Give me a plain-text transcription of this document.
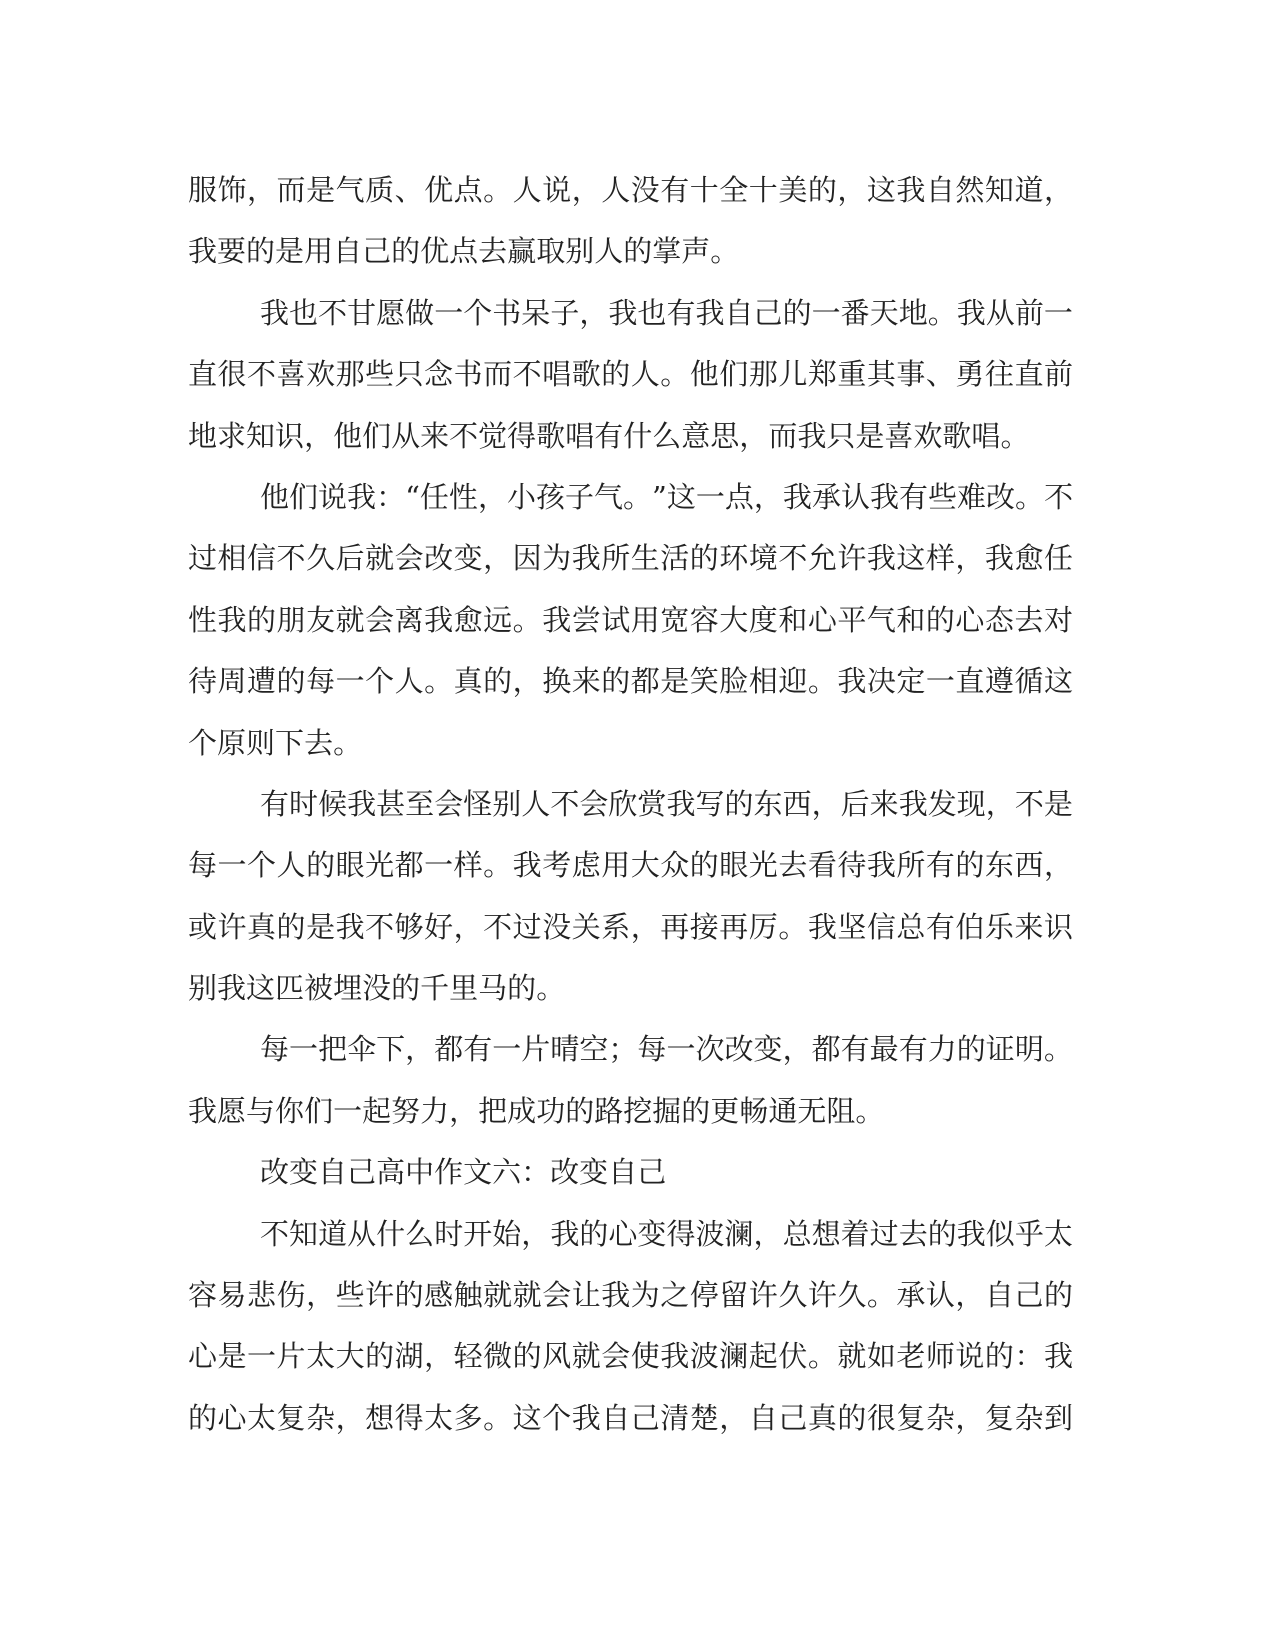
服 饰 ， 而 是 气 质 、 优 点 。 人 说 ， 人 没 有 十 全 十 美 的 ， 这 我 自 然 知 道 ，
我 要 的 是 用 自 己 的 优 点 去 赢 取 别 人 的 掌 声 。
我 也 不 甘 愿 做 一 个 书 呆 子 ， 我 也 有 我 自 己 的 一 番 天 地 。 我 从 前 一
直 很 不 喜 欢 那 些 只 念 书 而 不 唱 歌 的 人 。 他 们 那 儿 郑 重 其 事 、 勇 往 直 前
地 求 知 识 ， 他 们 从 来 不 觉 得 歌 唱 有 什 么 意 思 ， 而 我 只 是 喜 欢 歌 唱 。
他 们 说 我 ： “ 任 性 ， 小 孩 子 气 。 ” 这 一 点 ， 我 承 认 我 有 些 难 改 。 不
过 相 信 不 久 后 就 会 改 变 ， 因 为 我 所 生 活 的 环 境 不 允 许 我 这 样 ， 我 愈 任
性 我 的 朋 友 就 会 离 我 愈 远 。 我 尝 试 用 宽 容 大 度 和 心 平 气 和 的 心 态 去 对
待 周 遭 的 每 一 个 人 。 真 的 ， 换 来 的 都 是 笑 脸 相 迎 。 我 决 定 一 直 遵 循 这
个 原 则 下 去 。
有 时 候 我 甚 至 会 怪 别 人 不 会 欣 赏 我 写 的 东 西 ， 后 来 我 发 现 ， 不 是
每 一 个 人 的 眼 光 都 一 样 。 我 考 虑 用 大 众 的 眼 光 去 看 待 我 所 有 的 东 西 ，
或 许 真 的 是 我 不 够 好 ， 不 过 没 关 系 ， 再 接 再 厉 。 我 坚 信 总 有 伯 乐 来 识
别 我 这 匹 被 埋 没 的 千 里 马 的 。
每 一 把 伞 下 ， 都 有 一 片 晴 空 ； 每 一 次 改 变 ， 都 有 最 有 力 的 证 明 。
我 愿 与 你 们 一 起 努 力 ， 把 成 功 的 路 挖 掘 的 更 畅 通 无 阻 。
改 变 自 己 高 中 作 文 六 ： 改 变 自 己
不 知 道 从 什 么 时 开 始 ， 我 的 心 变 得 波 澜 ， 总 想 着 过 去 的 我 似 乎 太
容 易 悲 伤 ， 些 许 的 感 触 就 就 会 让 我 为 之 停 留 许 久 许 久 。 承 认 ， 自 己 的
心 是 一 片 太 大 的 湖 ， 轻 微 的 风 就 会 使 我 波 澜 起 伏 。 就 如 老 师 说 的 ： 我
的 心 太 复 杂 ， 想 得 太 多 。 这 个 我 自 己 清 楚 ， 自 己 真 的 很 复 杂 ， 复 杂 到
